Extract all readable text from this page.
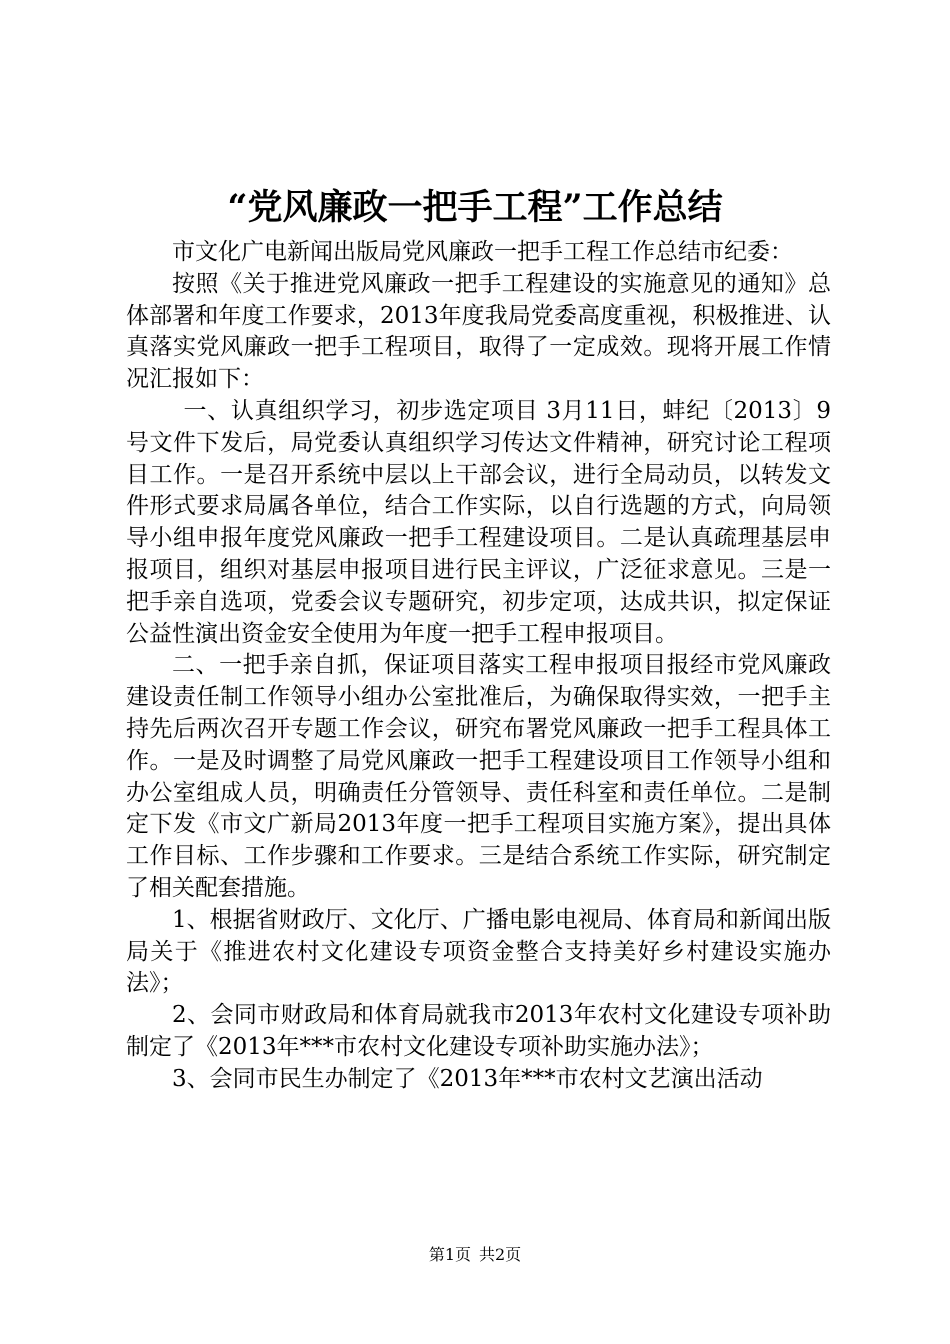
“党风廉政一把手工程”工作总结

市文化广电新闻出版局党风廉政一把手工程工作总结市纪委：

按照《关于推进党风廉政一把手工程建设的实施意见的通知》总体部署和年度工作要求，2013年度我局党委高度重视，积极推进、认真落实党风廉政一把手工程项目，取得了一定成效。现将开展工作情况汇报如下：

一、认真组织学习，初步选定项目 3月11日，蚌纪〔2013〕9号文件下发后，局党委认真组织学习传达文件精神，研究讨论工程项目工作。一是召开系统中层以上干部会议，进行全局动员，以转发文件形式要求局属各单位，结合工作实际，以自行选题的方式，向局领导小组申报年度党风廉政一把手工程建设项目。二是认真疏理基层申报项目，组织对基层申报项目进行民主评议，广泛征求意见。三是一把手亲自选项，党委会议专题研究，初步定项，达成共识，拟定保证公益性演出资金安全使用为年度一把手工程申报项目。

二、一把手亲自抓，保证项目落实工程申报项目报经市党风廉政建设责任制工作领导小组办公室批准后，为确保取得实效，一把手主持先后两次召开专题工作会议，研究布署党风廉政一把手工程具体工作。一是及时调整了局党风廉政一把手工程建设项目工作领导小组和办公室组成人员，明确责任分管领导、责任科室和责任单位。二是制定下发《市文广新局2013年度一把手工程项目实施方案》，提出具体工作目标、工作步骤和工作要求。三是结合系统工作实际，研究制定了相关配套措施。

1、根据省财政厅、文化厅、广播电影电视局、体育局和新闻出版局关于《推进农村文化建设专项资金整合支持美好乡村建设实施办法》；

2、会同市财政局和体育局就我市2013年农村文化建设专项补助制定了《2013年***市农村文化建设专项补助实施办法》；

3、会同市民生办制定了《2013年***市农村文艺演出活动

第1页 共2页
